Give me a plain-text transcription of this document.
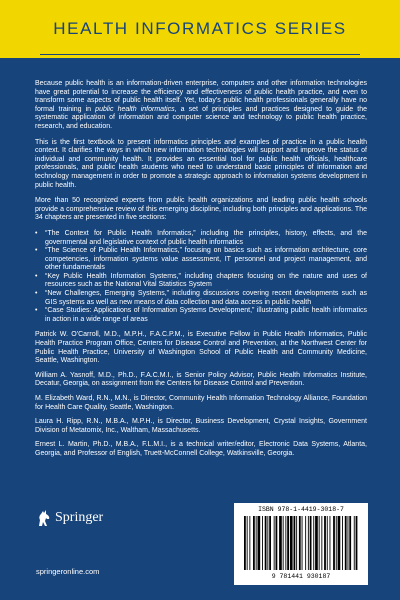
HEALTH INFORMATICS SERIES

Because public health is an information-driven enterprise, computers and other information technologies have great potential to increase the efficiency and effectiveness of public health practice, and even to transform some aspects of public health itself. Yet, today's public health professionals generally have no formal training in public health informatics, a set of principles and practices designed to guide the systematic application of information and computer science and technology to public health practice, research, and education.

This is the first textbook to present informatics principles and examples of practice in a public health context. It clarifies the ways in which new information technologies will support and improve the status of individual and community health. It provides an essential tool for public health officials, healthcare professionals, and public health students who need to understand basic principles of information and technology management in order to promote a strategic approach to information systems development in public health.

More than 50 recognized experts from public health organizations and leading public health schools provide a comprehensive review of this emerging discipline, including both principles and applications. The 34 chapters are presented in five sections:

• “The Context for Public Health Informatics,” including the principles, history, effects, and the governmental and legislative context of public health informatics
• “The Science of Public Health Informatics,” focusing on basics such as information architecture, core competencies, information systems value assessment, IT personnel and project management, and other fundamentals
• “Key Public Health Information Systems,” including chapters focusing on the nature and uses of resources such as the National Vital Statistics System
• “New Challenges, Emerging Systems,” including discussions covering recent developments such as GIS systems as well as new means of data collection and data access in public health
• “Case Studies: Applications of Information Systems Development,” illustrating public health informatics in action in a wide range of areas

Patrick W. O'Carroll, M.D., M.P.H., F.A.C.P.M., is Executive Fellow in Public Health Informatics, Public Health Practice Program Office, Centers for Disease Control and Prevention, at the Northwest Center for Public Health Practice, University of Washington School of Public Health and Community Medicine, Seattle, Washington.

William A. Yasnoff, M.D., Ph.D., F.A.C.M.I., is Senior Policy Advisor, Public Health Informatics Institute, Decatur, Georgia, on assignment from the Centers for Disease Control and Prevention.

M. Elizabeth Ward, R.N., M.N., is Director, Community Health Information Technology Alliance, Foundation for Health Care Quality, Seattle, Washington.

Laura H. Ripp, R.N., M.B.A., M.P.H., is Director, Business Development, Crystal Insights, Government Division of Metatomix, Inc., Waltham, Massachusetts.

Ernest L. Martin, Ph.D., M.B.A., F.L.M.I., is a technical writer/editor, Electronic Data Systems, Atlanta, Georgia, and Professor of English, Truett-McConnell College, Watkinsville, Georgia.

Springer
springeronline.com
ISBN 978-1-4419-3018-7
9 781441 930187
